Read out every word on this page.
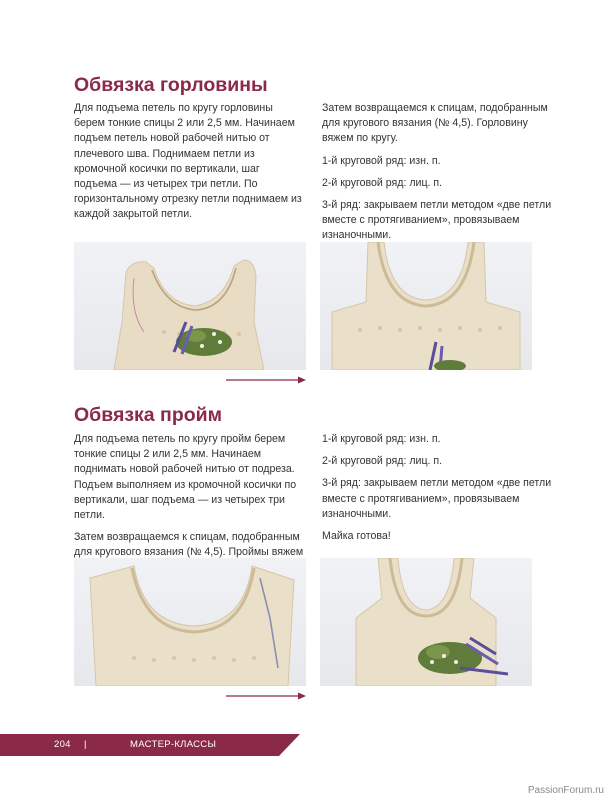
Обвязка горловины

Для подъема петель по кругу горловины берем тонкие спицы 2 или 2,5 мм. Начинаем подъем петель новой рабочей нитью от плечевого шва. Поднимаем петли из кромочной косички по вертикали, шаг подъема — из четырех три петли. По горизонтальному отрезку петли поднимаем из каждой закрытой петли.

Затем возвращаемся к спицам, подобранным для кругового вязания (№ 4,5). Горловину вяжем по кругу.

1-й круговой ряд: изн. п.

2-й круговой ряд: лиц. п.

3-й ряд: закрываем петли методом «две петли вместе с протягиванием», провязываем изнаночными.

Обвязка пройм

Для подъема петель по кругу пройм берем тонкие спицы 2 или 2,5 мм. Начинаем поднимать новой рабочей нитью от подреза. Подъем выполняем из кромочной косички по вертикали, шаг подъема — из четырех три петли.

Затем возвращаемся к спицам, подобранным для кругового вязания (№ 4,5). Проймы вяжем

1-й круговой ряд: изн. п.

2-й круговой ряд: лиц. п.

3-й ряд: закрываем петли методом «две петли вместе с протягиванием», провязываем изнаночными.

Майка готова!

204 |	МАСТЕР-КЛАССЫ
PassionForum.ru
